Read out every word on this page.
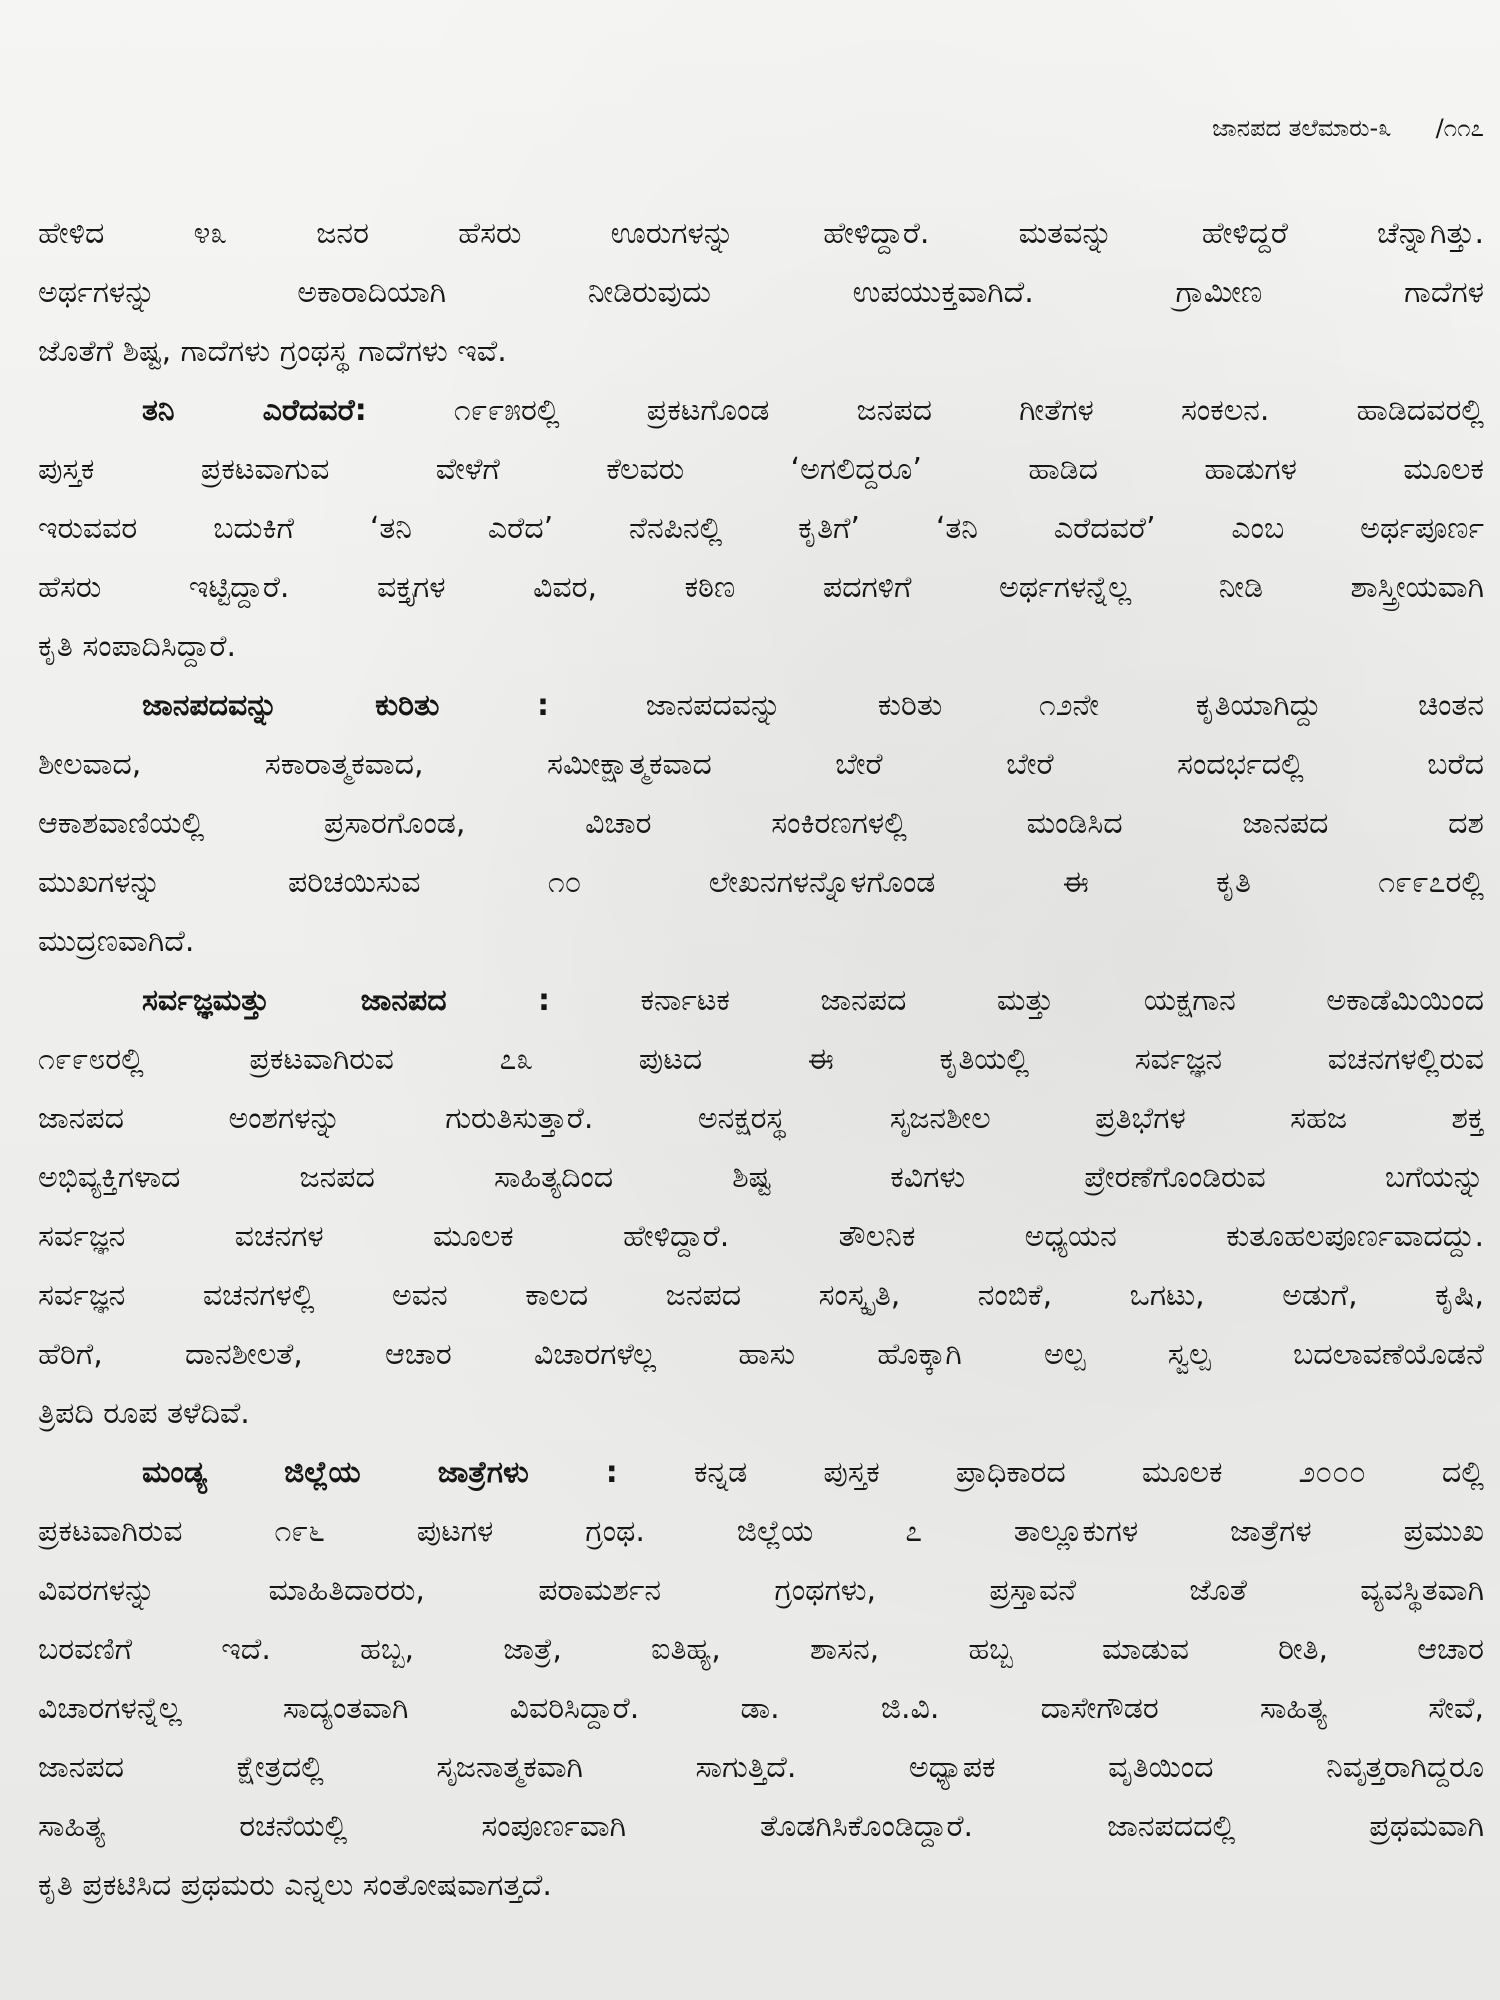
ಜಾನಪದ ತಲೆಮಾರು-೩ /೧೧೭
ಹೇಳಿದ ೪೩ ಜನರ ಹೆಸರು ಊರುಗಳನ್ನು ಹೇಳಿದ್ದಾರೆ. ಮತವನ್ನು ಹೇಳಿದ್ದರೆ ಚೆನ್ನಾಗಿತ್ತು.
ಅರ್ಥಗಳನ್ನು ಅಕಾರಾದಿಯಾಗಿ ನೀಡಿರುವುದು ಉಪಯುಕ್ತವಾಗಿದೆ. ಗ್ರಾಮೀಣ ಗಾದೆಗಳ
ಜೊತೆಗೆ ಶಿಷ್ಟ, ಗಾದೆಗಳು ಗ್ರಂಥಸ್ಥ ಗಾದೆಗಳು ಇವೆ.
ತನಿ ಎರೆದವರೆ:	೧೯೯೫ರಲ್ಲಿ ಪ್ರಕಟಗೊಂಡ ಜನಪದ ಗೀತೆಗಳ ಸಂಕಲನ. ಹಾಡಿದವರಲ್ಲಿ
ಪುಸ್ತಕ ಪ್ರಕಟವಾಗುವ ವೇಳೆಗೆ ಕೆಲವರು ‘ಅಗಲಿದ್ದರೂ’ ಹಾಡಿದ ಹಾಡುಗಳ ಮೂಲಕ
ಇರುವವರ ಬದುಕಿಗೆ ‘ತನಿ ಎರೆದ’ ನೆನಪಿನಲ್ಲಿ ಕೃತಿಗೆ’ ‘ತನಿ ಎರೆದವರೆ’ ಎಂಬ ಅರ್ಥಪೂರ್ಣ
ಹೆಸರು ಇಟ್ಟಿದ್ದಾರೆ. ವಕ್ತೃಗಳ ವಿವರ, ಕಠಿಣ ಪದಗಳಿಗೆ ಅರ್ಥಗಳನ್ನೆಲ್ಲ ನೀಡಿ ಶಾಸ್ತ್ರೀಯವಾಗಿ
ಕೃತಿ ಸಂಪಾದಿಸಿದ್ದಾರೆ.
ಜಾನಪದವನ್ನು ಕುರಿತು :	ಜಾನಪದವನ್ನು ಕುರಿತು ೧೨ನೇ ಕೃತಿಯಾಗಿದ್ದು ಚಿಂತನ
ಶೀಲವಾದ, ಸಕಾರಾತ್ಮಕವಾದ, ಸಮೀಕ್ಷಾತ್ಮಕವಾದ ಬೇರೆ ಬೇರೆ ಸಂದರ್ಭದಲ್ಲಿ ಬರೆದ
ಆಕಾಶವಾಣಿಯಲ್ಲಿ ಪ್ರಸಾರಗೊಂಡ, ವಿಚಾರ ಸಂಕಿರಣಗಳಲ್ಲಿ ಮಂಡಿಸಿದ ಜಾನಪದ ದಶ
ಮುಖಗಳನ್ನು ಪರಿಚಯಿಸುವ ೧೦ ಲೇಖನಗಳನ್ನೊಳಗೊಂಡ ಈ ಕೃತಿ ೧೯೯೭ರಲ್ಲಿ
ಮುದ್ರಣವಾಗಿದೆ.
ಸರ್ವಜ್ಞಮತ್ತು ಜಾನಪದ :	ಕರ್ನಾಟಕ ಜಾನಪದ ಮತ್ತು ಯಕ್ಷಗಾನ ಅಕಾಡೆಮಿಯಿಂದ
೧೯೯೮ರಲ್ಲಿ ಪ್ರಕಟವಾಗಿರುವ ೭೩ ಪುಟದ ಈ ಕೃತಿಯಲ್ಲಿ ಸರ್ವಜ್ಞನ ವಚನಗಳಲ್ಲಿರುವ
ಜಾನಪದ ಅಂಶಗಳನ್ನು ಗುರುತಿಸುತ್ತಾರೆ. ಅನಕ್ಷರಸ್ಥ ಸೃಜನಶೀಲ ಪ್ರತಿಭೆಗಳ ಸಹಜ ಶಕ್ತ
ಅಭಿವ್ಯಕ್ತಿಗಳಾದ ಜನಪದ ಸಾಹಿತ್ಯದಿಂದ ಶಿಷ್ಟ ಕವಿಗಳು ಪ್ರೇರಣೆಗೊಂಡಿರುವ ಬಗೆಯನ್ನು
ಸರ್ವಜ್ಞನ ವಚನಗಳ ಮೂಲಕ ಹೇಳಿದ್ದಾರೆ. ತೌಲನಿಕ ಅಧ್ಯಯನ ಕುತೂಹಲಪೂರ್ಣವಾದದ್ದು.
ಸರ್ವಜ್ಞನ ವಚನಗಳಲ್ಲಿ ಅವನ ಕಾಲದ ಜನಪದ ಸಂಸ್ಕೃತಿ, ನಂಬಿಕೆ, ಒಗಟು, ಅಡುಗೆ, ಕೃಷಿ,
ಹೆರಿಗೆ, ದಾನಶೀಲತೆ, ಆಚಾರ ವಿಚಾರಗಳೆಲ್ಲ ಹಾಸು ಹೊಕ್ಕಾಗಿ ಅಲ್ಪ ಸ್ವಲ್ಪ ಬದಲಾವಣೆಯೊಡನೆ
ತ್ರಿಪದಿ ರೂಪ ತಳೆದಿವೆ.
ಮಂಡ್ಯ ಜಿಲ್ಲೆಯ ಜಾತ್ರೆಗಳು :	ಕನ್ನಡ ಪುಸ್ತಕ ಪ್ರಾಧಿಕಾರದ ಮೂಲಕ ೨೦೦೦ ದಲ್ಲಿ
ಪ್ರಕಟವಾಗಿರುವ ೧೯೬ ಪುಟಗಳ ಗ್ರಂಥ. ಜಿಲ್ಲೆಯ ೭ ತಾಲ್ಲೂಕುಗಳ ಜಾತ್ರೆಗಳ ಪ್ರಮುಖ
ವಿವರಗಳನ್ನು ಮಾಹಿತಿದಾರರು, ಪರಾಮರ್ಶನ ಗ್ರಂಥಗಳು, ಪ್ರಸ್ತಾವನೆ ಜೊತೆ ವ್ಯವಸ್ಥಿತವಾಗಿ
ಬರವಣಿಗೆ ಇದೆ. ಹಬ್ಬ, ಜಾತ್ರೆ, ಐತಿಹ್ಯ, ಶಾಸನ, ಹಬ್ಬ ಮಾಡುವ ರೀತಿ, ಆಚಾರ
ವಿಚಾರಗಳನ್ನೆಲ್ಲ ಸಾದ್ಯಂತವಾಗಿ ವಿವರಿಸಿದ್ದಾರೆ. ಡಾ. ಜಿ.ವಿ. ದಾಸೇಗೌಡರ ಸಾಹಿತ್ಯ ಸೇವೆ,
ಜಾನಪದ ಕ್ಷೇತ್ರದಲ್ಲಿ ಸೃಜನಾತ್ಮಕವಾಗಿ ಸಾಗುತ್ತಿದೆ. ಅಧ್ಯಾಪಕ ವೃತಿಯಿಂದ ನಿವೃತ್ತರಾಗಿದ್ದರೂ
ಸಾಹಿತ್ಯ ರಚನೆಯಲ್ಲಿ ಸಂಪೂರ್ಣವಾಗಿ ತೊಡಗಿಸಿಕೊಂಡಿದ್ದಾರೆ. ಜಾನಪದದಲ್ಲಿ ಪ್ರಥಮವಾಗಿ
ಕೃತಿ ಪ್ರಕಟಿಸಿದ ಪ್ರಥಮರು ಎನ್ನಲು ಸಂತೋಷವಾಗತ್ತದೆ.
